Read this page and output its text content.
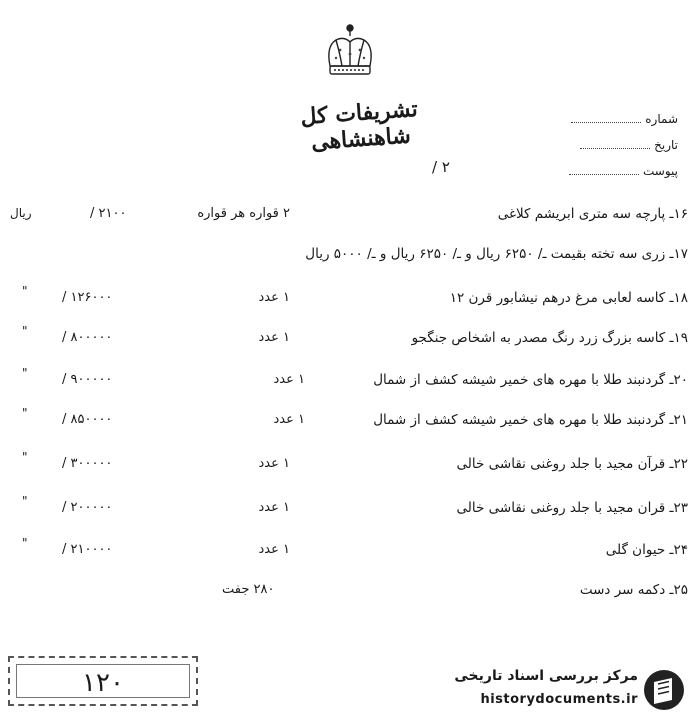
تشریفات کل شاهنشاهی
شماره
تاریخ
پیوست
۲ /
۱۶ـ پارچه سه متری ابریشم کلاغی
۲ قواره هر قواره
۲۱۰۰ /
ریال
۱۷ـ زری سه تخته بقیمت ـ/ ۶۲۵۰ ریال و ـ/ ۶۲۵۰ ریال و ـ/ ۵۰۰۰ ریال
۱۸ـ کاسه لعابی مرغ درهم نیشابور قرن ۱۲
۱ عدد
۱۲۶۰۰۰ /
"
۱۹ـ کاسه بزرگ زرد رنگ مصدر به اشخاص جنگجو
۱ عدد
۸۰۰۰۰۰ /
"
۲۰ـ گردنبند طلا با مهره های خمیر شیشه کشف از شمال
۱ عدد
۹۰۰۰۰۰ /
"
۲۱ـ گردنبند طلا با مهره های خمیر شیشه کشف از شمال
۱ عدد
۸۵۰۰۰۰ /
"
۲۲ـ قرآن مجید با جلد روغنی نقاشی خالی
۱ عدد
۳۰۰۰۰۰ /
"
۲۳ـ قران مجید با جلد روغنی نقاشی خالی
۱ عدد
۲۰۰۰۰۰ /
"
۲۴ـ حیوان گلی
۱ عدد
۲۱۰۰۰۰ /
"
۲۵ـ دکمه سر دست
۲۸۰ جفت
۱۲۰	مرکز بررسی اسناد تاریخی
historydocuments.ir
